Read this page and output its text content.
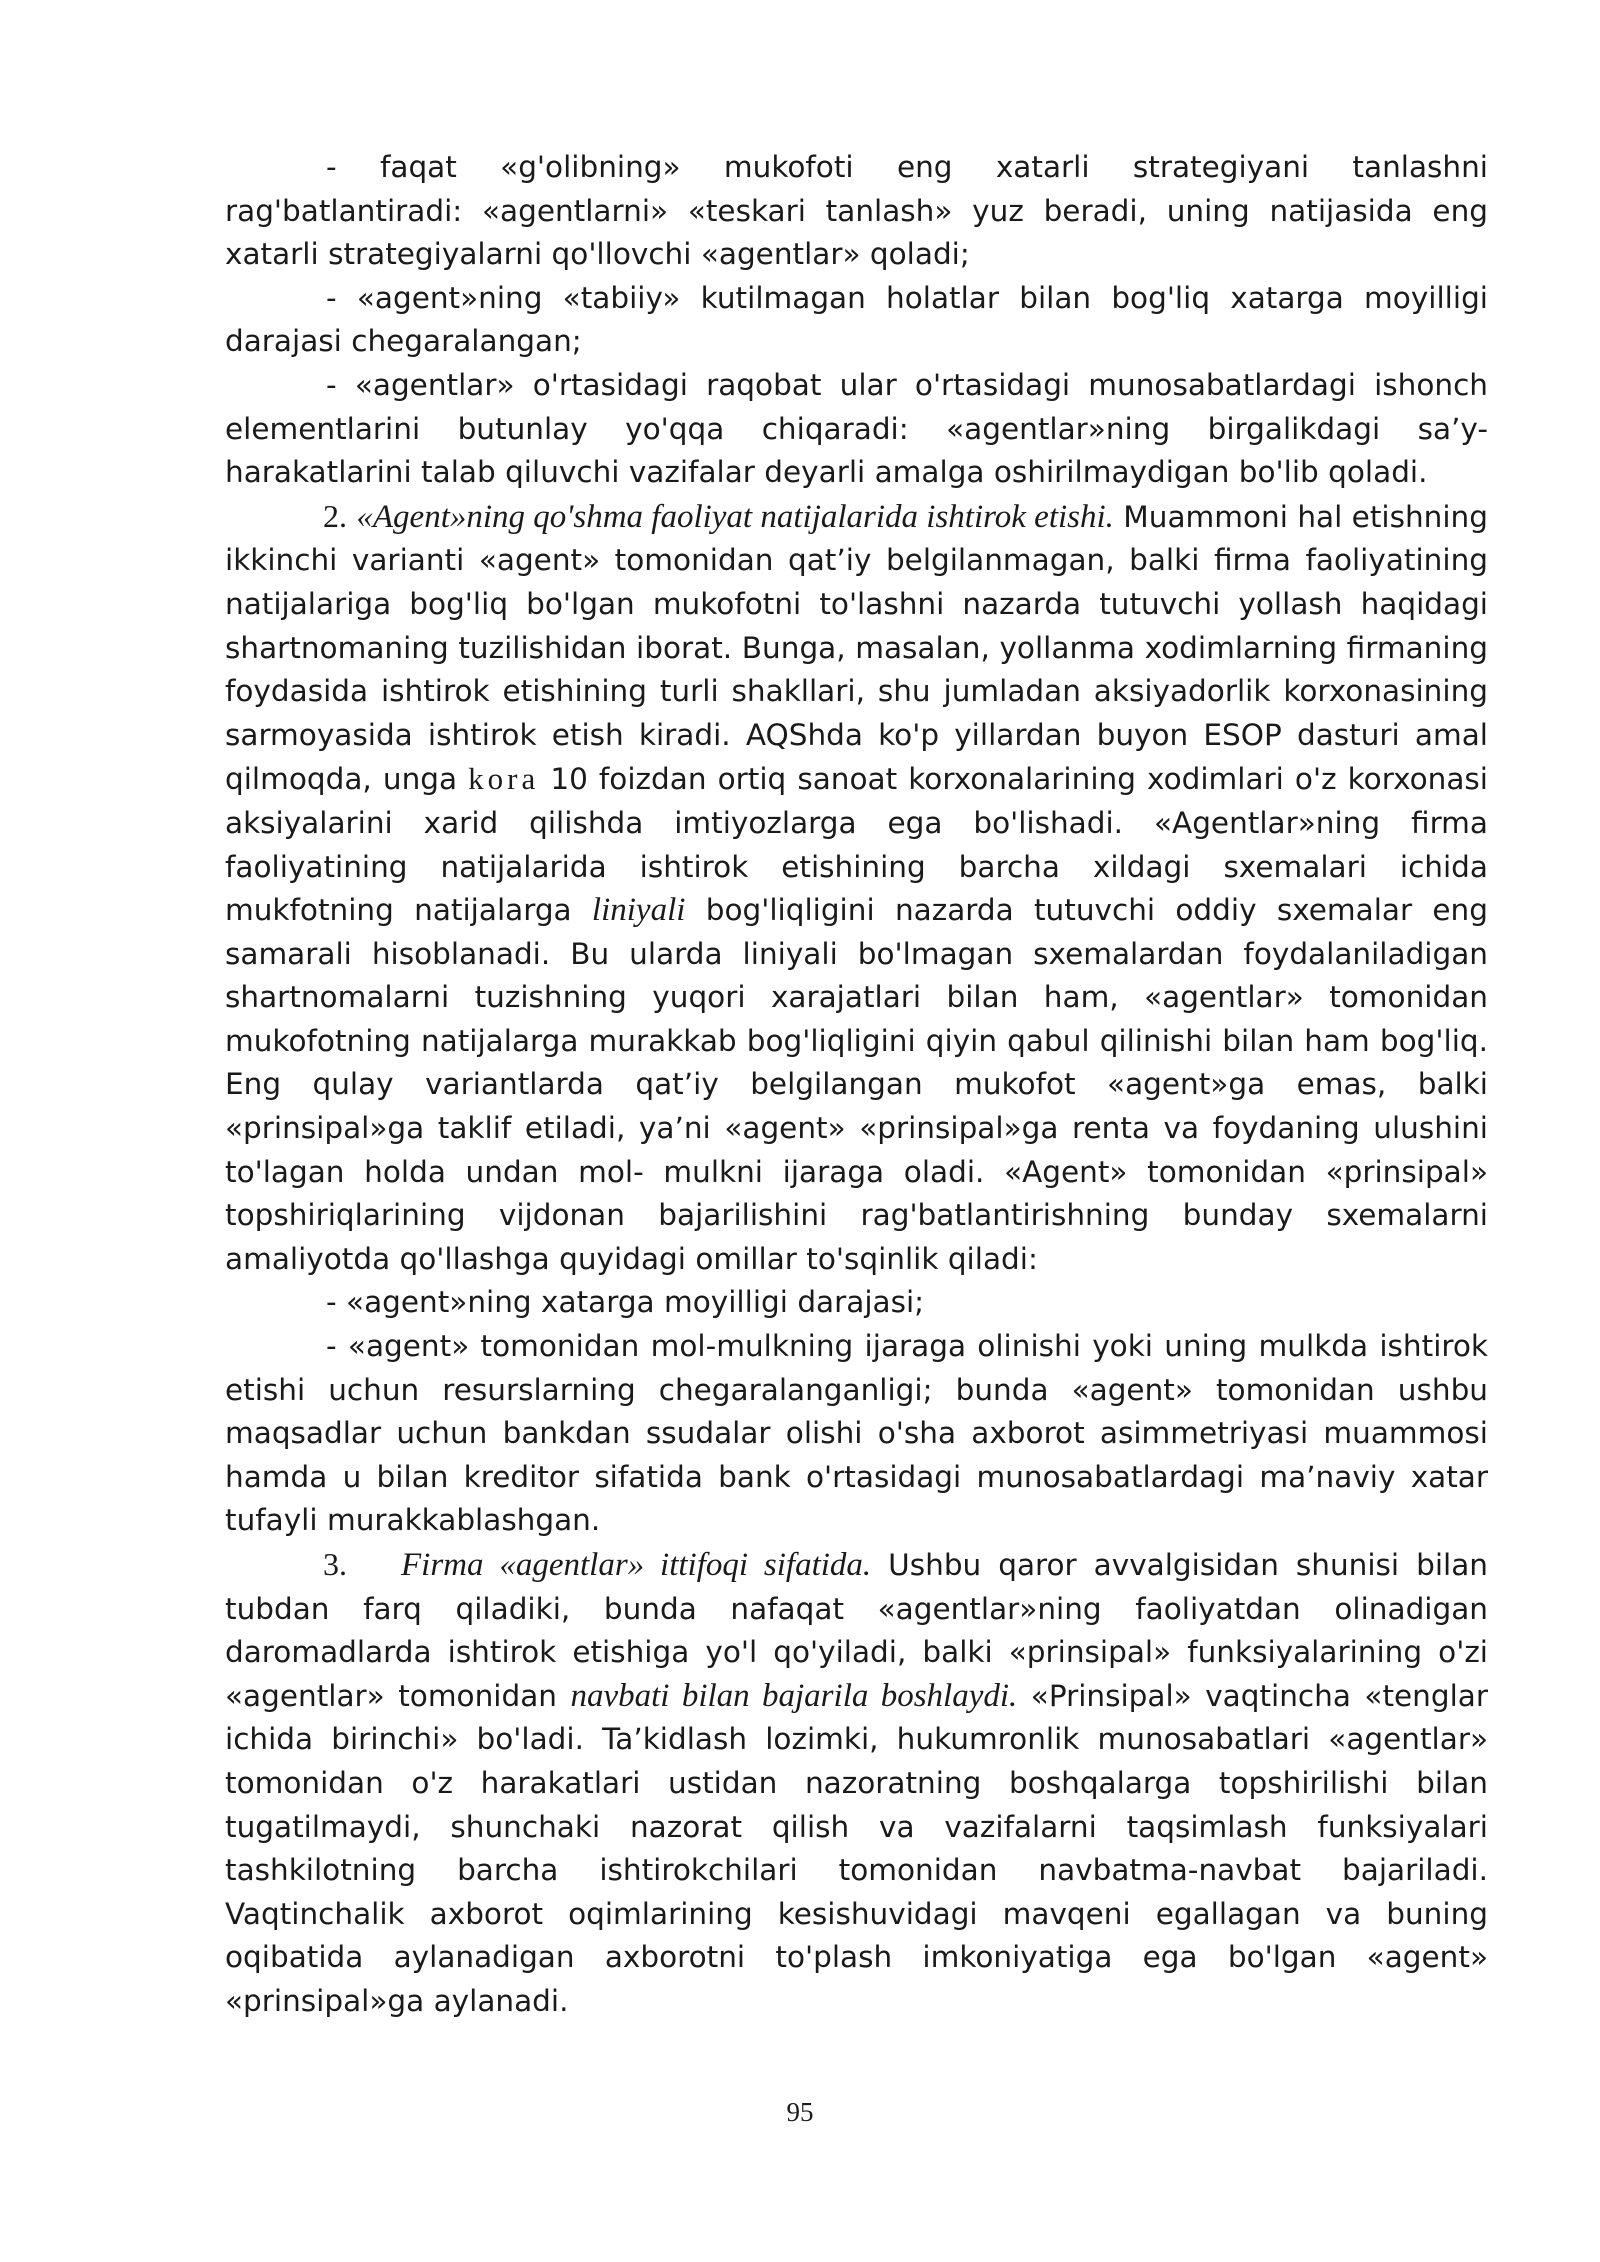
- faqat «g'olibning» mukofoti eng xatarli strategiyani tanlashni rag'batlantiradi: «agentlarni» «teskari tanlash» yuz beradi, uning natijasida eng xatarli strategiyalarni qo'llovchi «agentlar» qoladi;

- «agent»ning «tabiiy» kutilmagan holatlar bilan bog'liq xatarga moyilligi darajasi chegaralangan;

- «agentlar» o'rtasidagi raqobat ular o'rtasidagi munosabatlardagi ishonch elementlarini butunlay yo'qqa chiqaradi: «agentlar»ning birgalikdagi sa’y-harakatlarini talab qiluvchi vazifalar deyarli amalga oshirilmaydigan bo'lib qoladi.

2. «Agent»ning qo'shma faoliyat natijalarida ishtirok etishi. Muammoni hal etishning ikkinchi varianti «agent» tomonidan qat’iy belgilanmagan, balki firma faoliyatining natijalariga bog'liq bo'lgan mukofotni to'lashni nazarda tutuvchi yollash haqidagi shartnomaning tuzilishidan iborat. Bunga, masalan, yollanma xodimlarning firmaning foydasida ishtirok etishining turli shakllari, shu jumladan aksiyadorlik korxonasining sarmoyasida ishtirok etish kiradi. AQShda ko'p yillardan buyon ESOP dasturi amal qilmoqda, unga kora 10 foizdan ortiq sanoat korxonalarining xodimlari o'z korxonasi aksiyalarini xarid qilishda imtiyozlarga ega bo'lishadi. «Agentlar»ning firma faoliyatining natijalarida ishtirok etishining barcha xildagi sxemalari ichida mukfotning natijalarga liniyali bog'liqligini nazarda tutuvchi oddiy sxemalar eng samarali hisoblanadi. Bu ularda liniyali bo'lmagan sxemalardan foydalaniladigan shartnomalarni tuzishning yuqori xarajatlari bilan ham, «agentlar» tomonidan mukofotning natijalarga murakkab bog'liqligini qiyin qabul qilinishi bilan ham bog'liq. Eng qulay variantlarda qat’iy belgilangan mukofot «agent»ga emas, balki «prinsipal»ga taklif etiladi, ya’ni «agent» «prinsipal»ga renta va foydaning ulushini to'lagan holda undan mol- mulkni ijaraga oladi. «Agent» tomonidan «prinsipal» topshiriqlarining vijdonan bajarilishini rag'batlantirishning bunday sxemalarni amaliyotda qo'llashga quyidagi omillar to'sqinlik qiladi:

- «agent»ning xatarga moyilligi darajasi;

- «agent» tomonidan mol-mulkning ijaraga olinishi yoki uning mulkda ishtirok etishi uchun resurslarning chegaralanganligi; bunda «agent» tomonidan ushbu maqsadlar uchun bankdan ssudalar olishi o'sha axborot asimmetriyasi muammosi hamda u bilan kreditor sifatida bank o'rtasidagi munosabatlardagi ma’naviy xatar tufayli murakkablashgan.

3. Firma «agentlar» ittifoqi sifatida. Ushbu qaror avvalgisidan shunisi bilan tubdan farq qiladiki, bunda nafaqat «agentlar»ning faoliyatdan olinadigan daromadlarda ishtirok etishiga yo'l qo'yiladi, balki «prinsipal» funksiyalarining o'zi «agentlar» tomonidan navbati bilan bajarila boshlaydi. «Prinsipal» vaqtincha «tenglar ichida birinchi» bo'ladi. Ta’kidlash lozimki, hukumronlik munosabatlari «agentlar» tomonidan o'z harakatlari ustidan nazoratning boshqalarga topshirilishi bilan tugatilmaydi, shunchaki nazorat qilish va vazifalarni taqsimlash funksiyalari tashkilotning barcha ishtirokchilari tomonidan navbatma-navbat bajariladi. Vaqtinchalik axborot oqimlarining kesishuvidagi mavqeni egallagan va buning oqibatida aylanadigan axborotni to'plash imkoniyatiga ega bo'lgan «agent» «prinsipal»ga aylanadi.

95
